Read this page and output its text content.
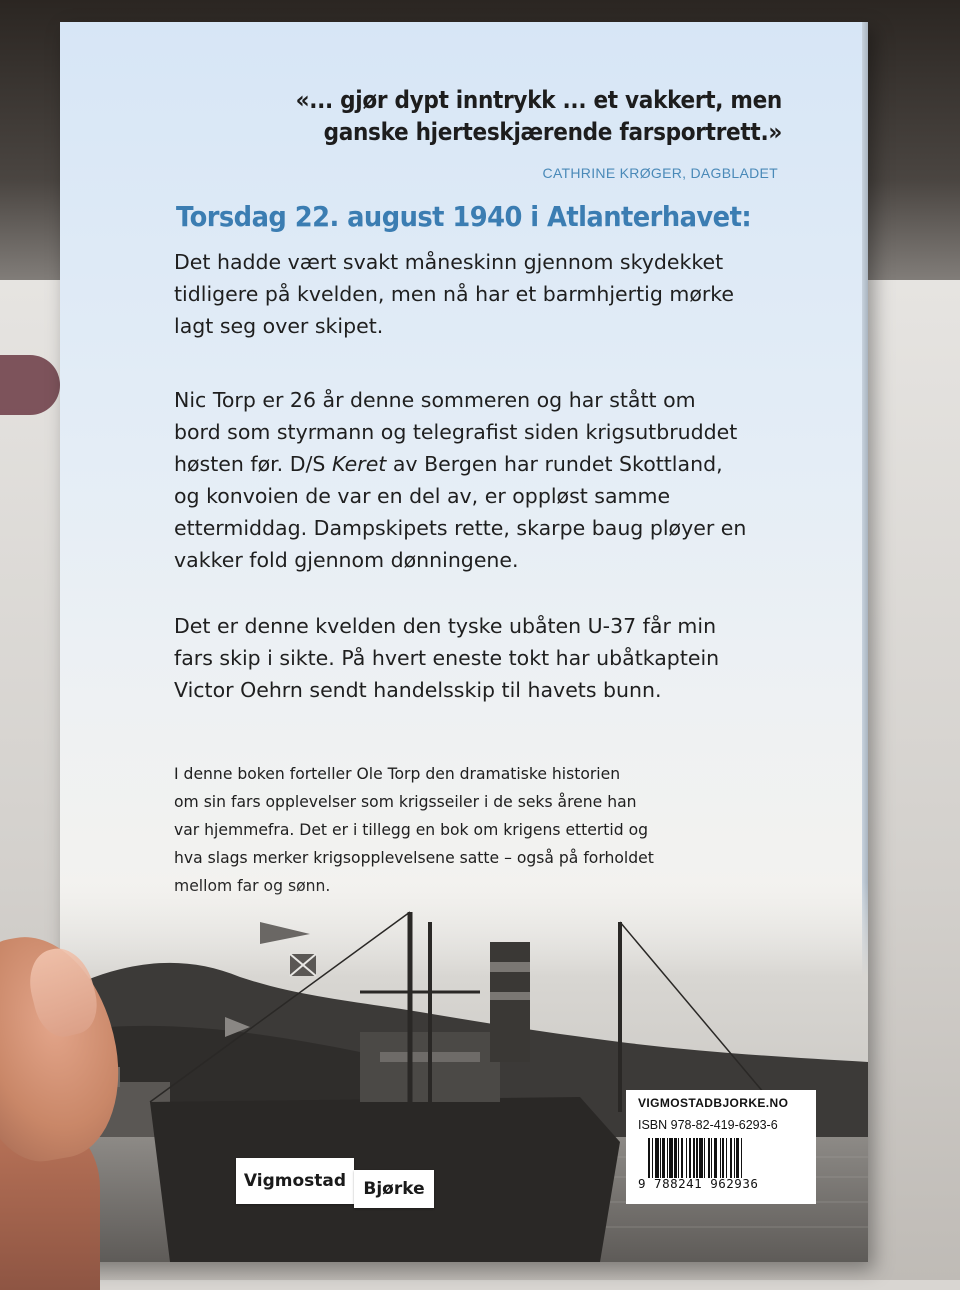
«... gjør dypt inntrykk ... et vakkert, men
ganske hjerteskjærende farsportrett.»
CATHRINE KRØGER, DAGBLADET
Torsdag 22. august 1940 i Atlanterhavet:
Det hadde vært svakt måneskinn gjennom skydekket
tidligere på kvelden, men nå har et barmhjertig mørke
lagt seg over skipet.
Nic Torp er 26 år denne sommeren og har stått om
bord som styrmann og telegrafist siden krigsutbruddet
høsten før. D/S Keret av Bergen har rundet Skottland,
og konvoien de var en del av, er oppløst samme
ettermiddag. Dampskipets rette, skarpe baug pløyer en
vakker fold gjennom dønningene.
Det er denne kvelden den tyske ubåten U-37 får min
fars skip i sikte. På hvert eneste tokt har ubåtkaptein
Victor Oehrn sendt handelsskip til havets bunn.
I denne boken forteller Ole Torp den dramatiske historien
om sin fars opplevelser som krigsseiler i de seks årene han
var hjemmefra. Det er i tillegg en bok om krigens ettertid og
hva slags merker krigsopplevelsene satte – også på forholdet
Vigmostad	Bjørke
VIGMOSTADBJORKE.NO
ISBN 978-82-419-6293-6
9 788241 962936
